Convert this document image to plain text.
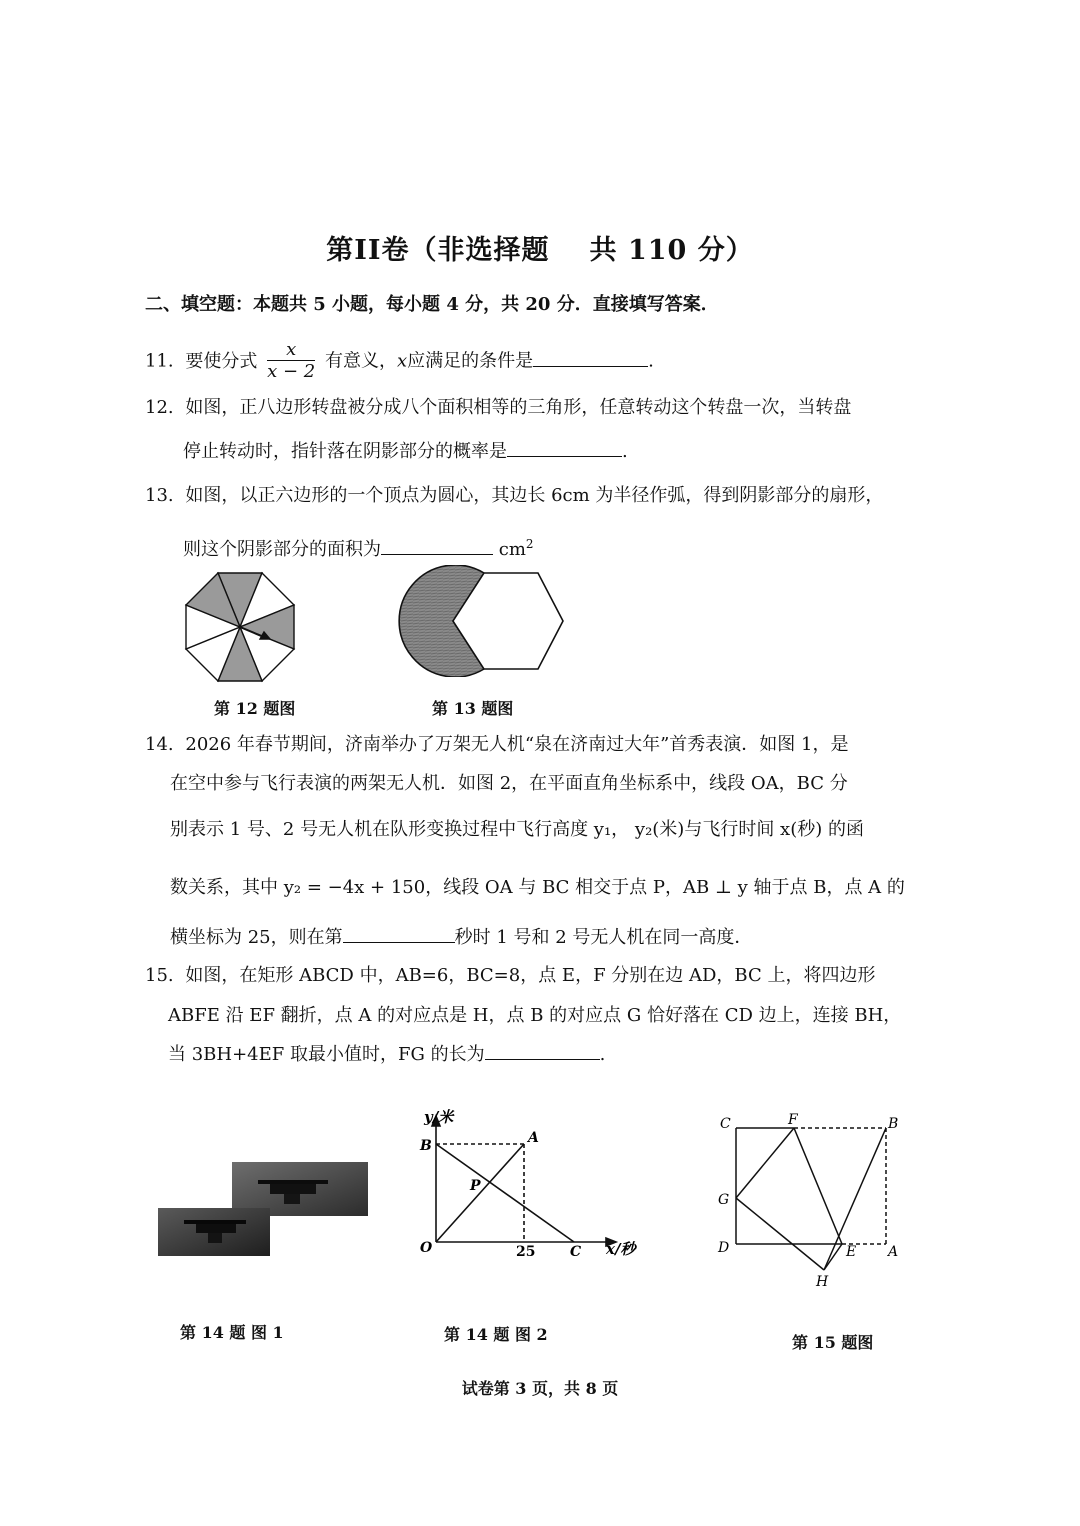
第II卷（非选择题 共 110 分）
二、填空题：本题共 5 小题，每小题 4 分，共 20 分．直接填写答案．
11. 要使分式 $\frac{x}{x - 2}$ 有意义，x应满足的条件是	.
12. 如图，正八边形转盘被分成八个面积相等的三角形，任意转动这个转盘一次，当转盘
停止转动时，指针落在阴影部分的概率是	.
13. 如图，以正六边形的一个顶点为圆心，其边长 6cm 为半径作弧，得到阴影部分的扇形，
则这个阴影部分的面积为	$cm^2$
第 12 题图	第 13 题图
14. 2026 年春节期间，济南举办了万架无人机“泉在济南过大年”首秀表演．如图 1，是
在空中参与飞行表演的两架无人机．如图 2，在平面直角坐标系中，线段 OA，BC 分
别表示 1 号、2 号无人机在队形变换过程中飞行高度 y₁， y₂(米)与飞行时间 x(秒) 的函
数关系，其中 y₂ = −4x + 150，线段 OA 与 BC 相交于点 P，AB ⊥ y 轴于点 B，点 A 的
横坐标为 25，则在第	秒时 1 号和 2 号无人机在同一高度．
15. 如图，在矩形 ABCD 中，AB=6，BC=8，点 E，F 分别在边 AD，BC 上，将四边形
ABFE 沿 EF 翻折，点 A 的对应点是 H，点 B 的对应点 G 恰好落在 CD 边上，连接 BH，
当 3BH+4EF 取最小值时，FG 的长为	.
第 14 题 图 1
y/米
x/秒
O	25
A
B
C
P
第 14 题 图 2
C	F	B
G
D	E A
H
第 15 题图
试卷第 3 页，共 8 页
